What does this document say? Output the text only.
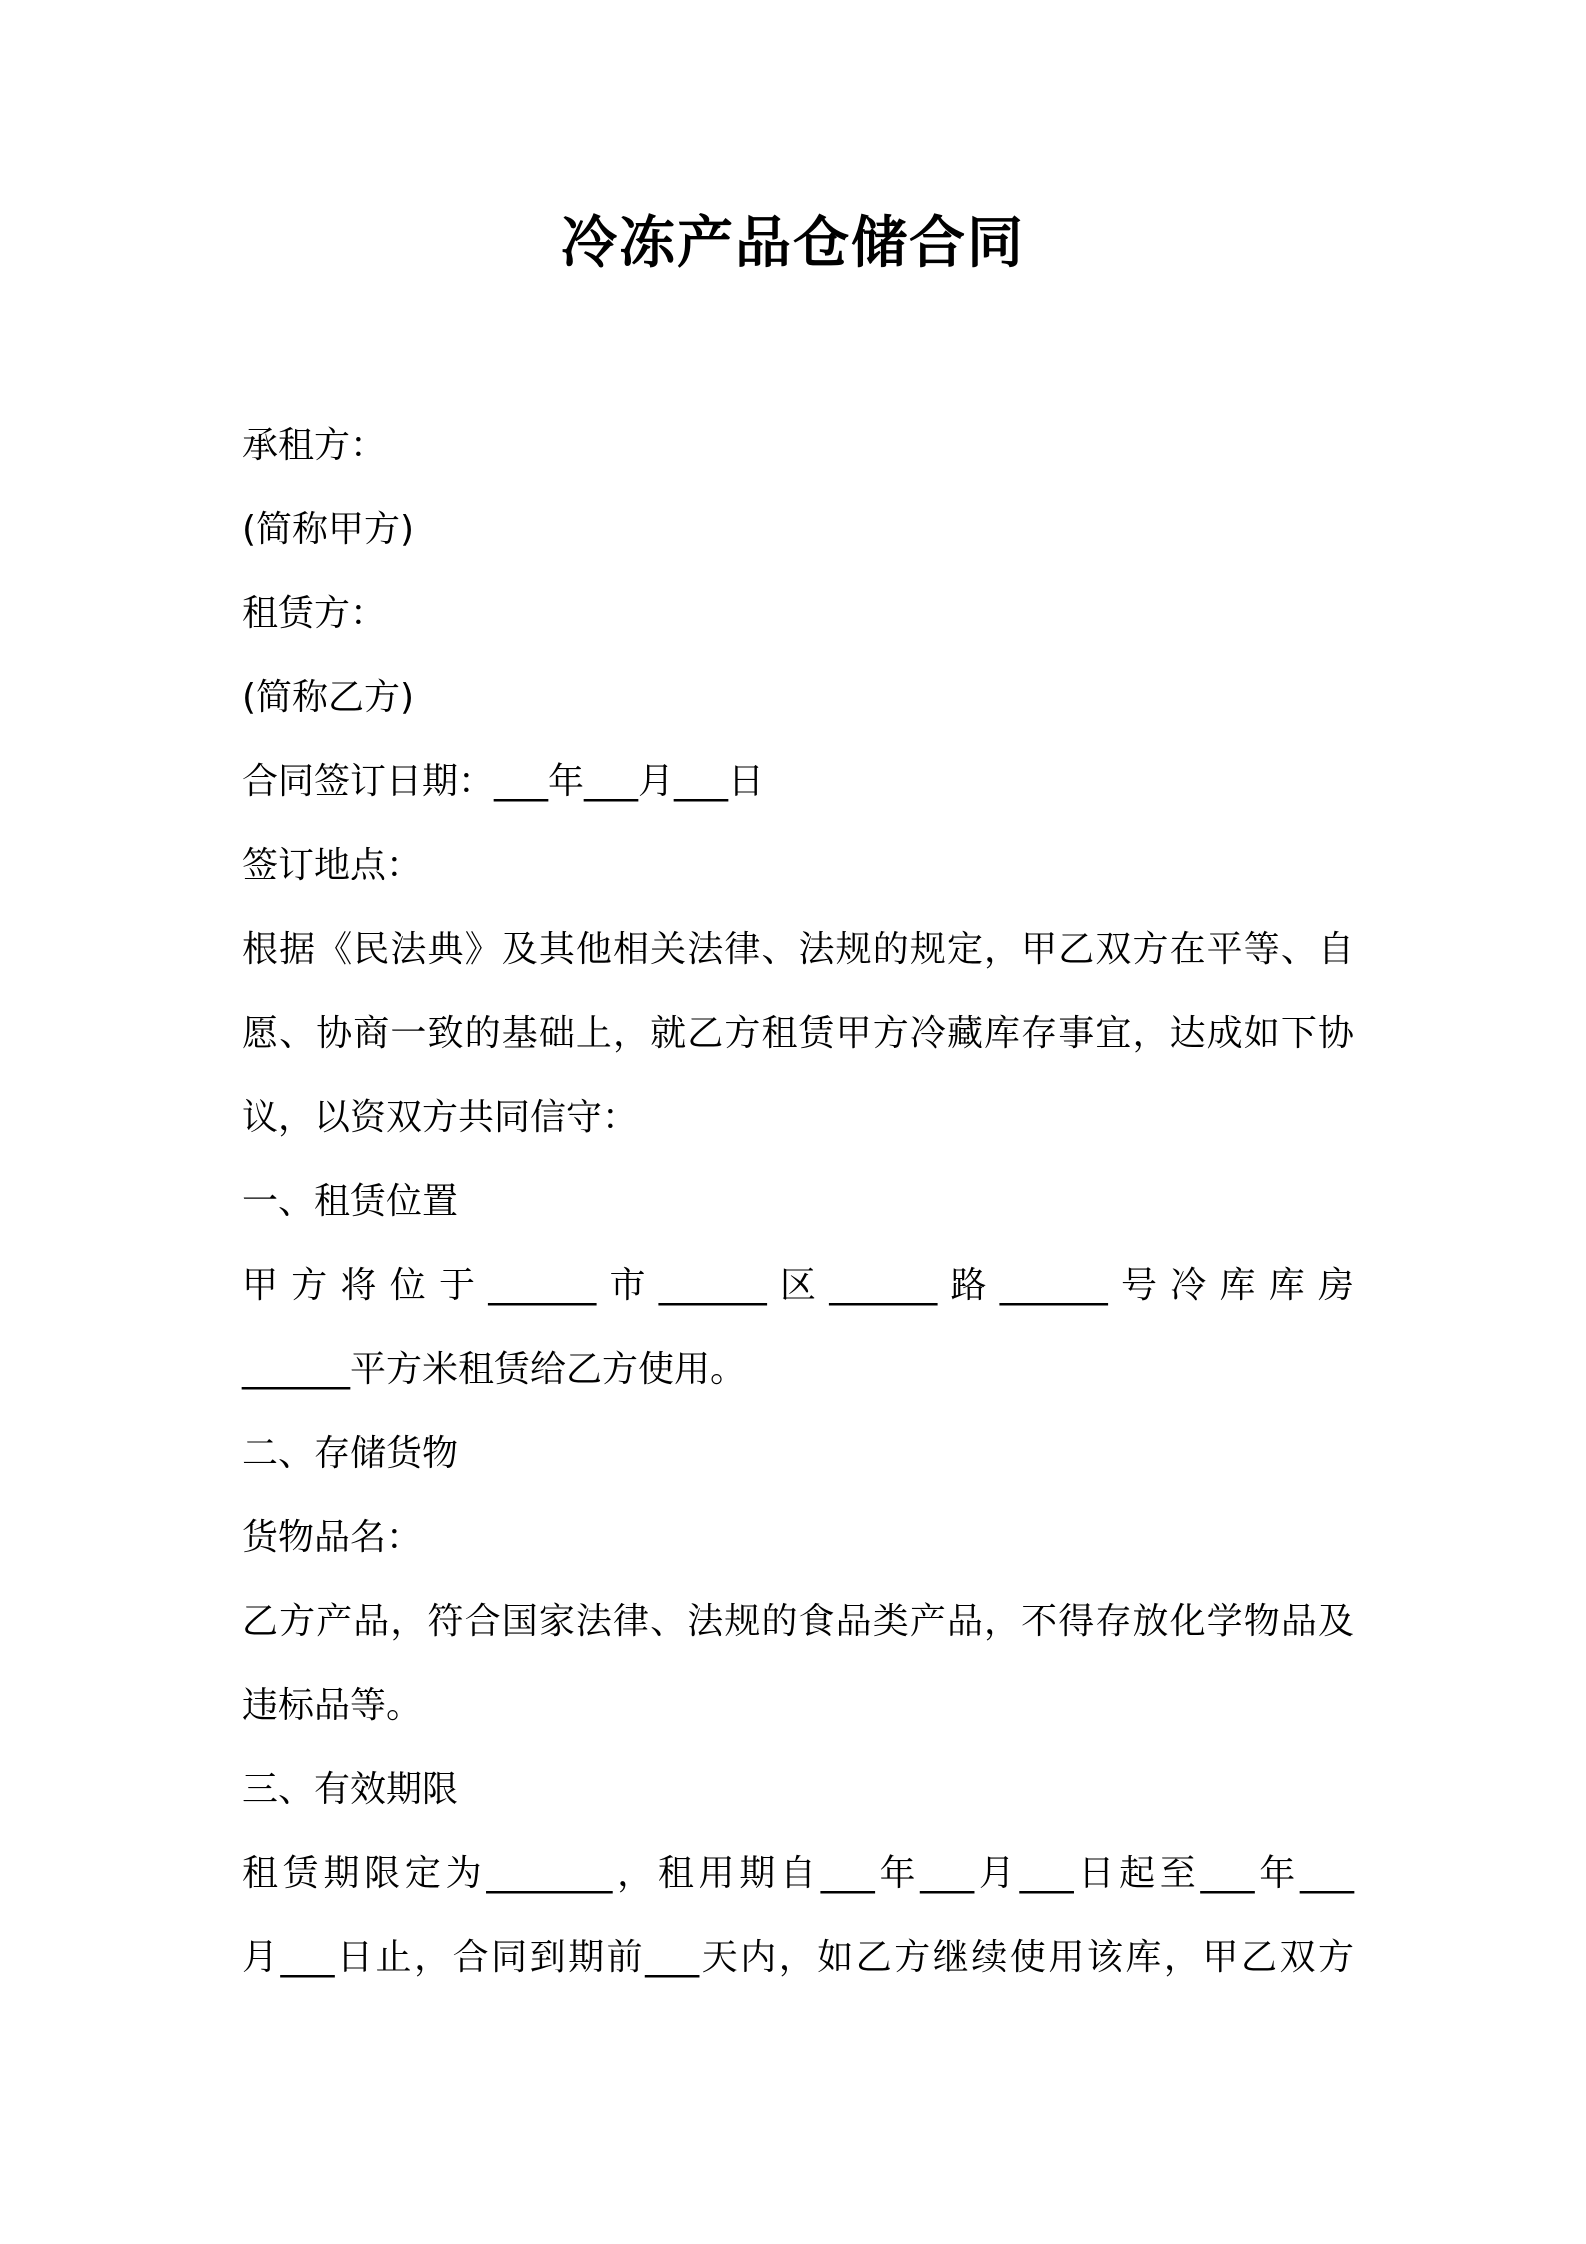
冷冻产品仓储合同

承租方：

(简称甲方)

租赁方：

(简称乙方)

合同签订日期：___年___月___日

签订地点：

根据《民法典》及其他相关法律、法规的规定，甲乙双方在平等、自

愿、协商一致的基础上，就乙方租赁甲方冷藏库存事宜，达成如下协

议，以资双方共同信守：

一、租赁位置

甲方将位于______市______区______路______号冷库库房

______平方米租赁给乙方使用。

二、存储货物

货物品名：

乙方产品，符合国家法律、法规的食品类产品，不得存放化学物品及

违标品等。

三、有效期限

租赁期限定为_______，租用期自___年___月___日起至___年___

月___日止，合同到期前___天内，如乙方继续使用该库，甲乙双方
